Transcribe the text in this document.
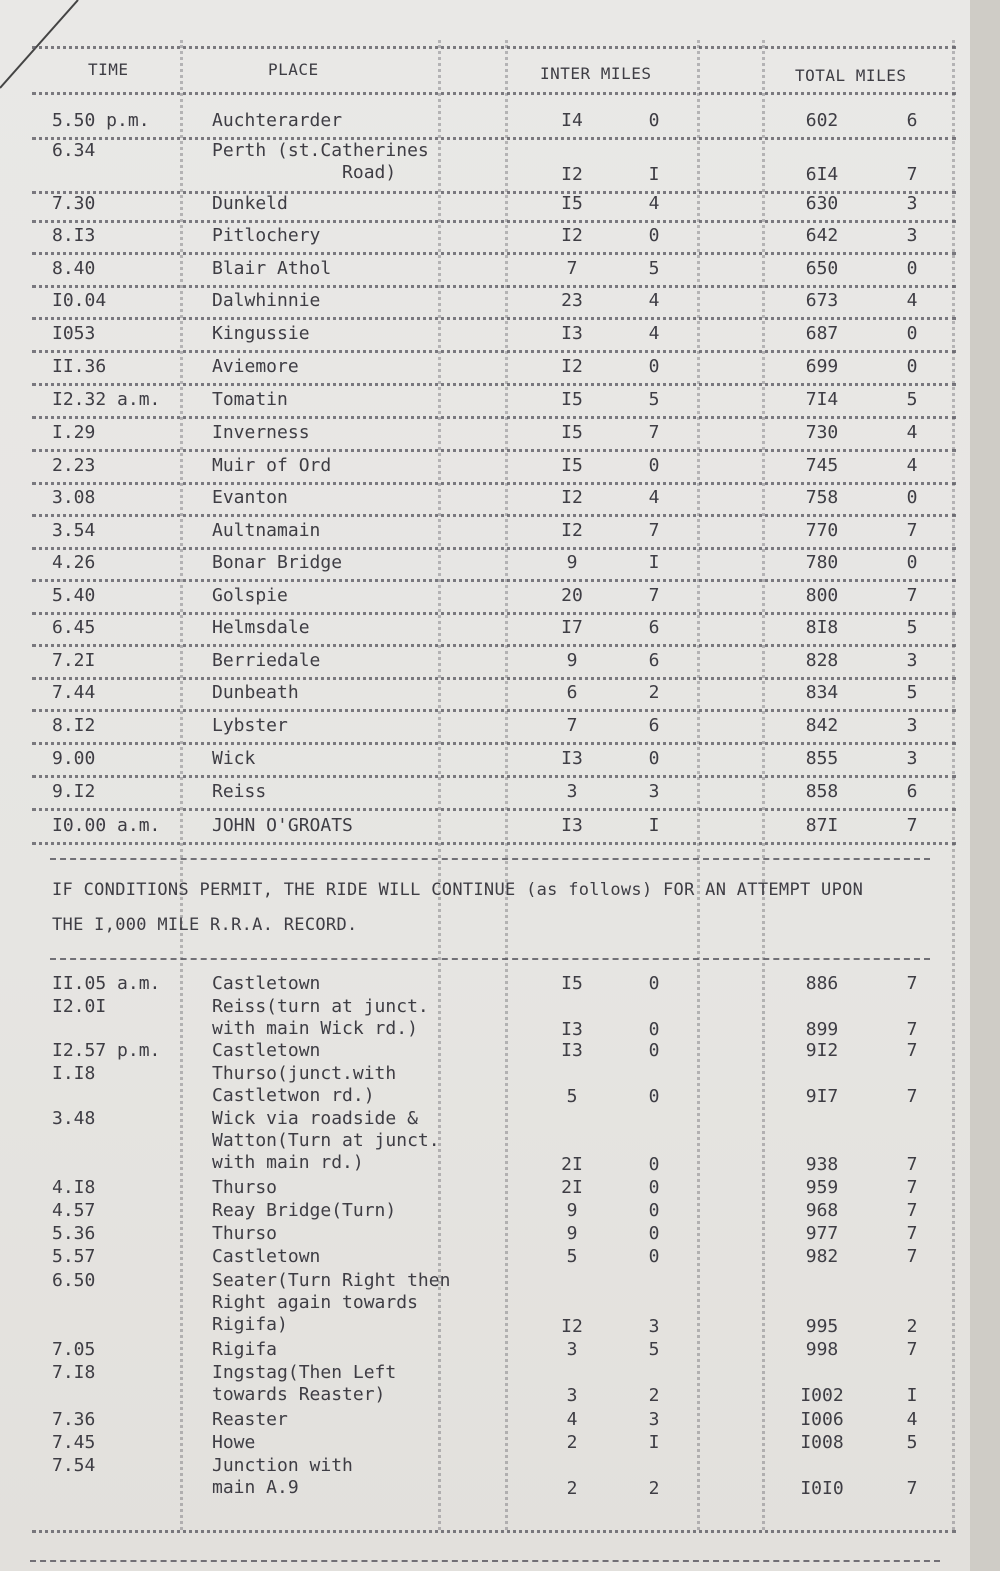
TIME	PLACE	INTER MILES	TOTAL MILES
5.50 p.m.	Auchterarder	I4	0	602	6
6.34	Perth (st.Catherines
Road)	I2	I	6I4	7
7.30	Dunkeld	I5	4	630	3
8.I3	Pitlochery	I2	0	642	3
8.40	Blair Athol	7	5	650	0
I0.04	Dalwhinnie	23	4	673	4
I053	Kingussie	I3	4	687	0
II.36	Aviemore	I2	0	699	0
I2.32 a.m.	Tomatin	I5	5	7I4	5
I.29	Inverness	I5	7	730	4
2.23	Muir of Ord	I5	0	745	4
3.08	Evanton	I2	4	758	0
3.54	Aultnamain	I2	7	770	7
4.26	Bonar Bridge	9	I	780	0
5.40	Golspie	20	7	800	7
6.45	Helmsdale	I7	6	8I8	5
7.2I	Berriedale	9	6	828	3
7.44	Dunbeath	6	2	834	5
8.I2	Lybster	7	6	842	3
9.00	Wick	I3	0	855	3
9.I2	Reiss	3	3	858	6
I0.00 a.m.	JOHN O'GROATS	I3	I	87I	7
IF CONDITIONS PERMIT, THE RIDE WILL CONTINUE (as follows) FOR AN ATTEMPT UPON
THE I,000 MILE R.R.A. RECORD.
II.05 a.m.	Castletown	I5	0	886	7
I2.0I	Reiss(turn at junct.
with main Wick rd.)	I3	0	899	7
I2.57 p.m.	Castletown	I3	0	9I2	7
I.I8	Thurso(junct.with
Castletwon rd.)	5	0	9I7	7
3.48	Wick via roadside &
Watton(Turn at junct.
with main rd.)	2I	0	938	7
4.I8	Thurso	2I	0	959	7
4.57	Reay Bridge(Turn)	9	0	968	7
5.36	Thurso	9	0	977	7
5.57	Castletown	5	0	982	7
6.50	Seater(Turn Right then
Right again towards
Rigifa)	I2	3	995	2
7.05	Rigifa	3	5	998	7
7.I8	Ingstag(Then Left
towards Reaster)	3	2	I002	I
7.36	Reaster	4	3	I006	4
7.45	Howe	2	I	I008	5
7.54	Junction with
main A.9	2	2	I0I0	7
